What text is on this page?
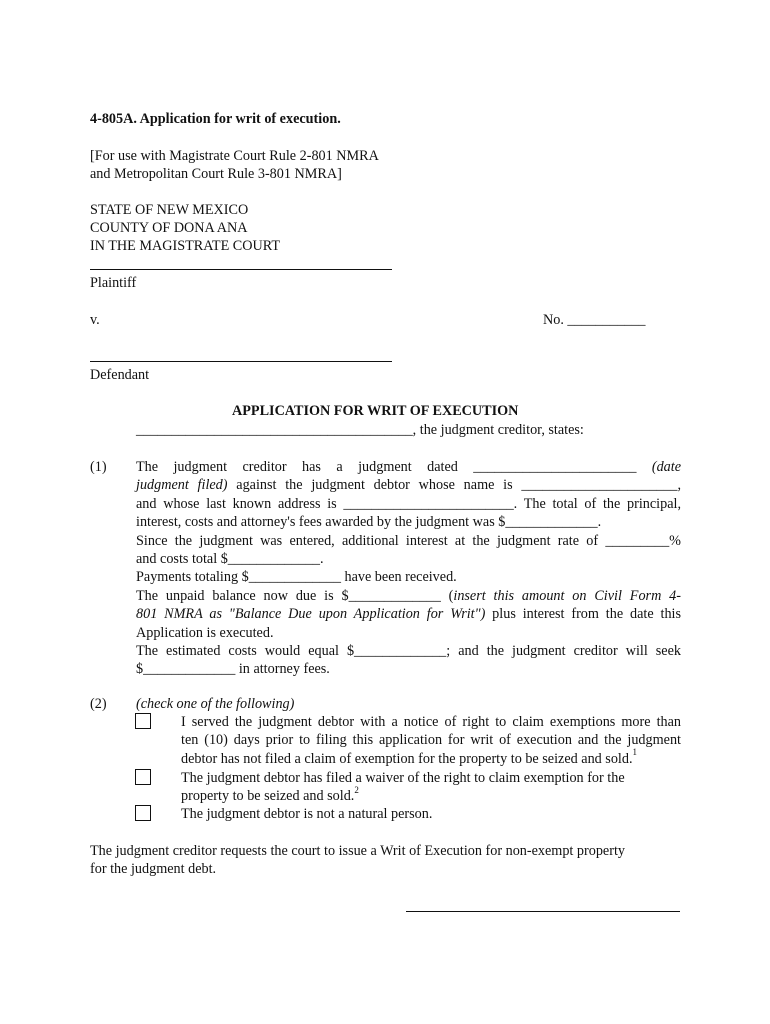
4-805A. Application for writ of execution.
[For use with Magistrate Court Rule 2-801 NMRA
and Metropolitan Court Rule 3-801 NMRA]
STATE OF NEW MEXICO
COUNTY OF DONA ANA
IN THE MAGISTRATE COURT
Plaintiff
v.	No. ___________
Defendant
APPLICATION FOR WRIT OF EXECUTION
_______________________________________, the judgment creditor, states:
(1) The judgment creditor has a judgment dated _______________________ (date
judgment filed) against the judgment debtor whose name is ______________________,
and whose last known address is ________________________. The total of the principal,
interest, costs and attorney's fees awarded by the judgment was $_____________.
Since the judgment was entered, additional interest at the judgment rate of _________%
and costs total $_____________.
Payments totaling $_____________ have been received.
The unpaid balance now due is $_____________ (insert this amount on Civil Form 4-
801 NMRA as "Balance Due upon Application for Writ") plus interest from the date this
Application is executed.
The estimated costs would equal $_____________; and the judgment creditor will seek
$_____________ in attorney fees.
(2) (check one of the following)
I served the judgment debtor with a notice of right to claim exemptions more than
ten (10) days prior to filing this application for writ of execution and the judgment
debtor has not filed a claim of exemption for the property to be seized and sold.$^1$
The judgment debtor has filed a waiver of the right to claim exemption for the
property to be seized and sold.$^2$
The judgment debtor is not a natural person.
The judgment creditor requests the court to issue a Writ of Execution for non-exempt property
for the judgment debt.
